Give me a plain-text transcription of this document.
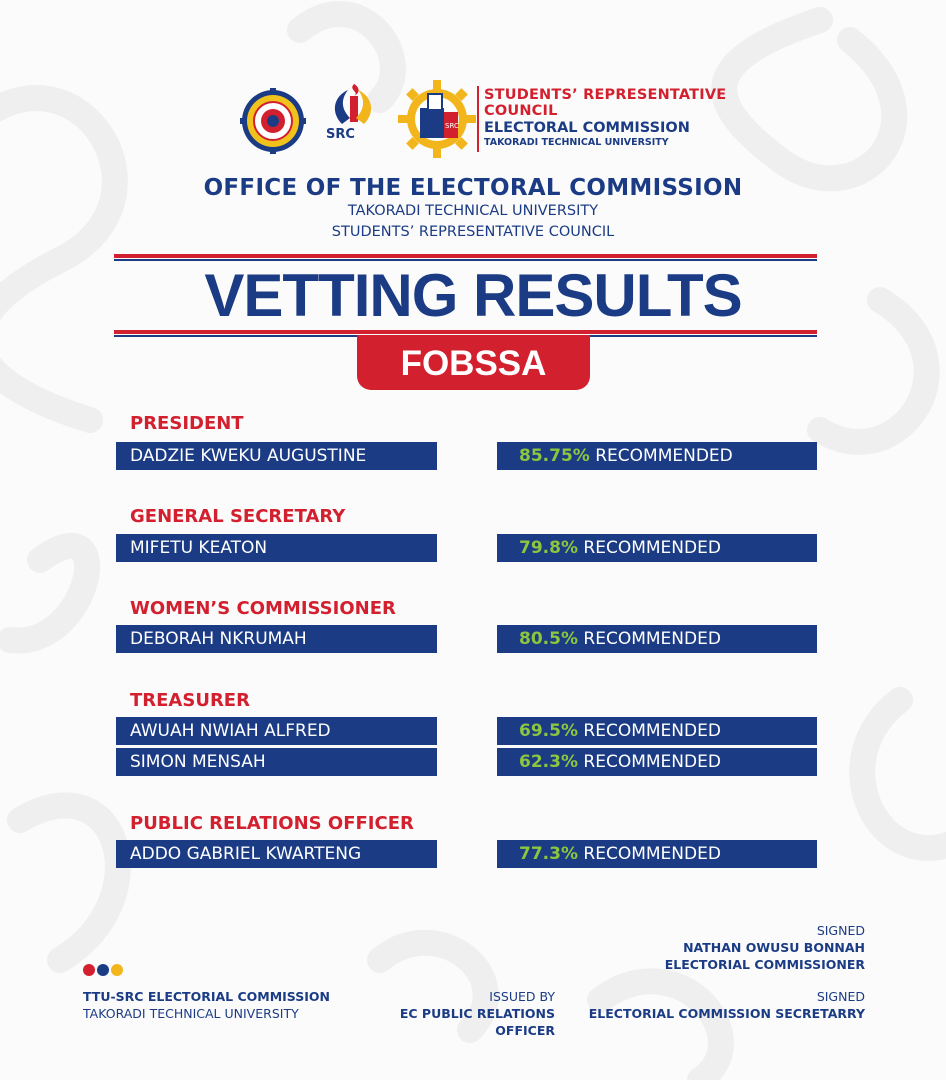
SRC
SRC
STUDENTS’ REPRESENTATIVE
COUNCIL
ELECTORAL COMMISSION
TAKORADI TECHNICAL UNIVERSITY
OFFICE OF THE ELECTORAL COMMISSION
TAKORADI TECHNICAL UNIVERSITY
STUDENTS’ REPRESENTATIVE COUNCIL
VETTING RESULTS
FOBSSA
PRESIDENT
DADZIE KWEKU AUGUSTINE	85.75% RECOMMENDED
GENERAL SECRETARY
MIFETU KEATON	79.8% RECOMMENDED
WOMEN’S COMMISSIONER
DEBORAH NKRUMAH	80.5% RECOMMENDED
TREASURER
AWUAH NWIAH ALFRED	69.5% RECOMMENDED
SIMON MENSAH	62.3% RECOMMENDED
PUBLIC RELATIONS OFFICER
ADDO GABRIEL KWARTENG	77.3% RECOMMENDED
TTU-SRC ELECTORIAL COMMISSION
TAKORADI TECHNICAL UNIVERSITY
ISSUED BY
EC PUBLIC RELATIONS OFFICER
SIGNED
NATHAN OWUSU BONNAH
ELECTORIAL COMMISSIONER
SIGNED
ELECTORIAL COMMISSION SECRETARRY
